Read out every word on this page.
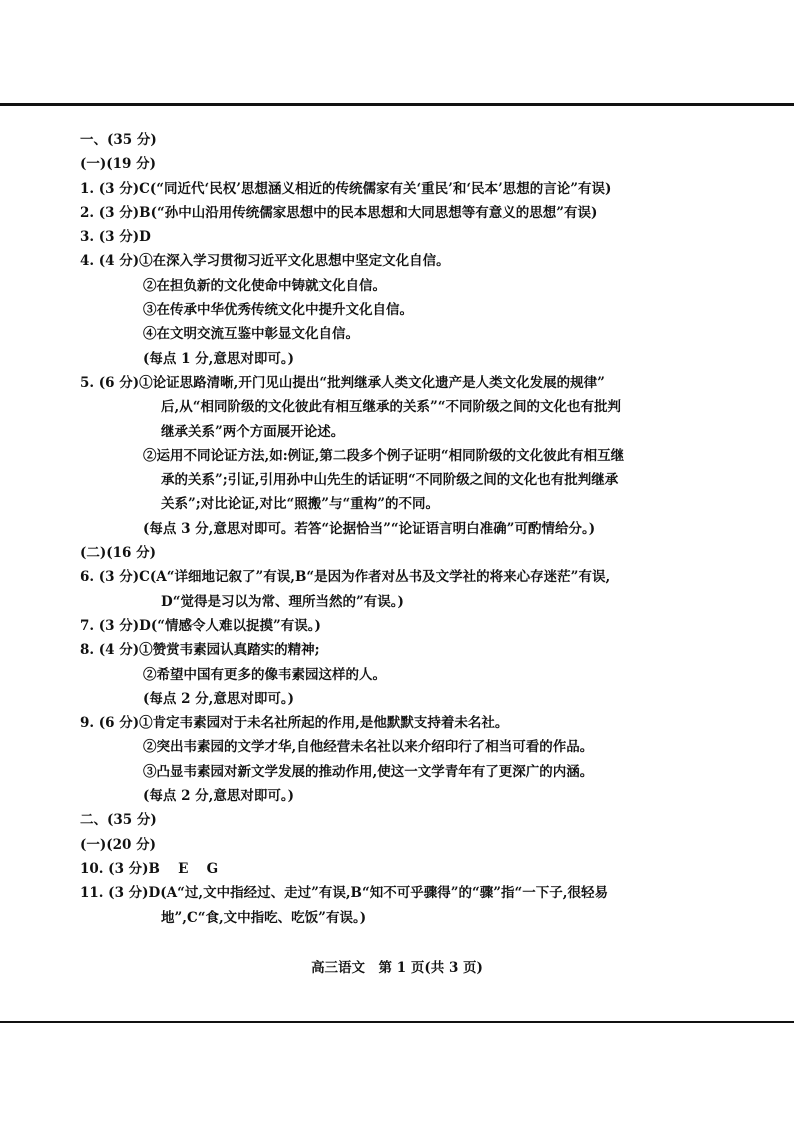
一、(35 分)
(一)(19 分)
1. (3 分)C(“同近代‘民权’思想涵义相近的传统儒家有关‘重民’和‘民本’思想的言论”有误)
2. (3 分)B(“孙中山沿用传统儒家思想中的民本思想和大同思想等有意义的思想”有误)
3. (3 分)D
4. (4 分)①在深入学习贯彻习近平文化思想中坚定文化自信。
②在担负新的文化使命中铸就文化自信。
③在传承中华优秀传统文化中提升文化自信。
④在文明交流互鉴中彰显文化自信。
(每点 1 分,意思对即可。)
5. (6 分)①论证思路清晰,开门见山提出“批判继承人类文化遗产是人类文化发展的规律”
后,从“相同阶级的文化彼此有相互继承的关系”“不同阶级之间的文化也有批判
继承关系”两个方面展开论述。
②运用不同论证方法,如:例证,第二段多个例子证明“相同阶级的文化彼此有相互继
承的关系”;引证,引用孙中山先生的话证明“不同阶级之间的文化也有批判继承
关系”;对比论证,对比“照搬”与“重构”的不同。
(每点 3 分,意思对即可。若答“论据恰当”“论证语言明白准确”可酌情给分。)
(二)(16 分)
6. (3 分)C(A“详细地记叙了”有误,B“是因为作者对丛书及文学社的将来心存迷茫”有误,
D“觉得是习以为常、理所当然的”有误。)
7. (3 分)D(“情感令人难以捉摸”有误。)
8. (4 分)①赞赏韦素园认真踏实的精神;
②希望中国有更多的像韦素园这样的人。
(每点 2 分,意思对即可。)
9. (6 分)①肯定韦素园对于未名社所起的作用,是他默默支持着未名社。
②突出韦素园的文学才华,自他经营未名社以来介绍印行了相当可看的作品。
③凸显韦素园对新文学发展的推动作用,使这一文学青年有了更深广的内涵。
(每点 2 分,意思对即可。)
二、(35 分)
(一)(20 分)
10. (3 分)B　 E　 G
11. (3 分)D(A“过,文中指经过、走过”有误,B“知不可乎骤得”的“骤”指“一下子,很轻易
地”,C“食,文中指吃、吃饭”有误。)
高三语文　第 1 页(共 3 页)
